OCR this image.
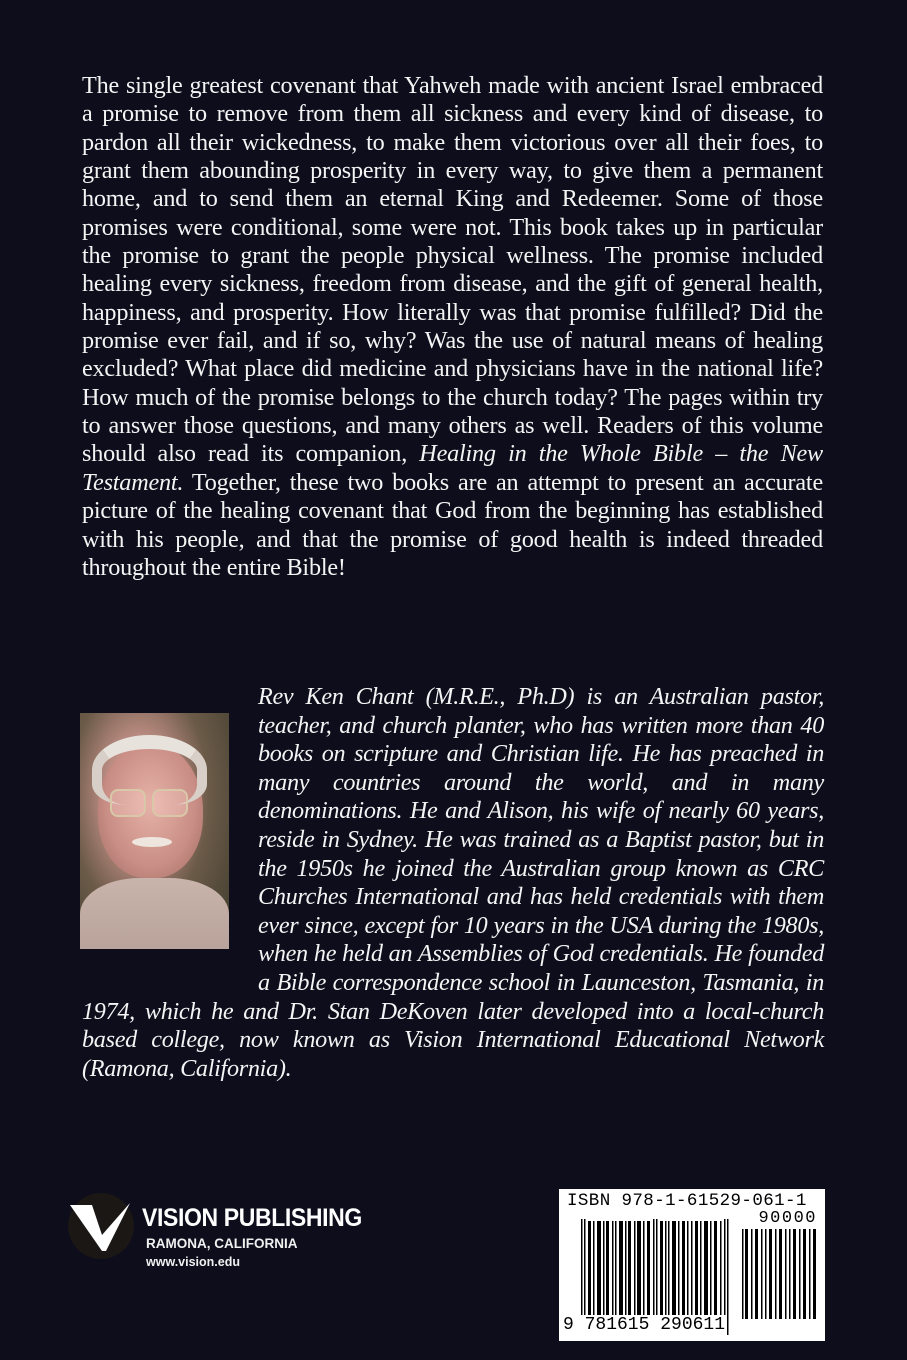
The single greatest covenant that Yahweh made with ancient Israel embraced a promise to remove from them all sickness and every kind of disease, to pardon all their wickedness, to make them victorious over all their foes, to grant them abounding prosperity in every way, to give them a permanent home, and to send them an eternal King and Redeemer. Some of those promises were conditional, some were not. This book takes up in particular the promise to grant the people physical wellness. The promise included healing every sickness, freedom from disease, and the gift of general health, happiness, and prosperity. How literally was that promise fulfilled? Did the promise ever fail, and if so, why? Was the use of natural means of healing excluded? What place did medicine and physicians have in the national life? How much of the promise belongs to the church today? The pages within try to answer those questions, and many others as well. Readers of this volume should also read its companion, Healing in the Whole Bible – the New Testament. Together, these two books are an attempt to present an accurate picture of the healing covenant that God from the beginning has established with his people, and that the promise of good health is indeed threaded throughout the entire Bible!
Rev Ken Chant (M.R.E., Ph.D) is an Australian pastor, teacher, and church planter, who has written more than 40 books on scripture and Christian life. He has preached in many countries around the world, and in many denominations. He and Alison, his wife of nearly 60 years, reside in Sydney. He was trained as a Baptist pastor, but in the 1950s he joined the Australian group known as CRC Churches International and has held credentials with them ever since, except for 10 years in the USA during the 1980s, when he held an Assemblies of God credentials. He founded a Bible correspondence school in Launceston, Tasmania, in 1974, which he and Dr. Stan DeKoven later developed into a local-church based college, now known as Vision International Educational Network (Ramona, California).
VISION PUBLISHING
RAMONA, CALIFORNIA
www.vision.edu
ISBN 978-1-61529-061-1
90000
9 781615 290611
